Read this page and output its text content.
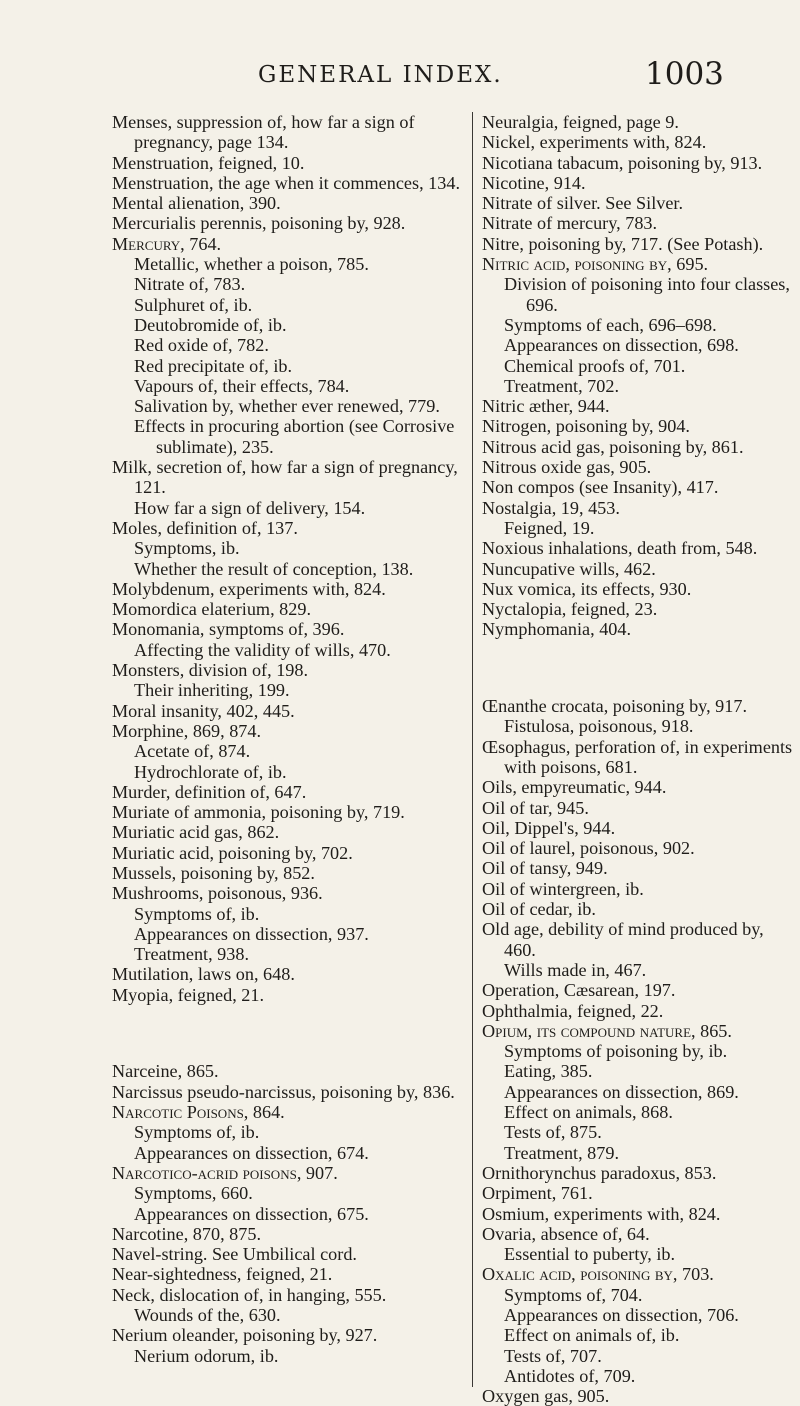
GENERAL INDEX.	1003

Menses, suppression of, how far a sign of pregnancy, page 134.

Menstruation, feigned, 10.

Menstruation, the age when it commences, 134.

Mental alienation, 390.

Mercurialis perennis, poisoning by, 928.

Mercury, 764.

Metallic, whether a poison, 785.

Nitrate of, 783.

Sulphuret of, ib.

Deutobromide of, ib.

Red oxide of, 782.

Red precipitate of, ib.

Vapours of, their effects, 784.

Salivation by, whether ever renewed, 779.

Effects in procuring abortion (see Corrosive sublimate), 235.

Milk, secretion of, how far a sign of pregnancy, 121.

How far a sign of delivery, 154.

Moles, definition of, 137.

Symptoms, ib.

Whether the result of conception, 138.

Molybdenum, experiments with, 824.

Momordica elaterium, 829.

Monomania, symptoms of, 396.

Affecting the validity of wills, 470.

Monsters, division of, 198.

Their inheriting, 199.

Moral insanity, 402, 445.

Morphine, 869, 874.

Acetate of, 874.

Hydrochlorate of, ib.

Murder, definition of, 647.

Muriate of ammonia, poisoning by, 719.

Muriatic acid gas, 862.

Muriatic acid, poisoning by, 702.

Mussels, poisoning by, 852.

Mushrooms, poisonous, 936.

Symptoms of, ib.

Appearances on dissection, 937.

Treatment, 938.

Mutilation, laws on, 648.

Myopia, feigned, 21.

Narceine, 865.

Narcissus pseudo-narcissus, poisoning by, 836.

Narcotic Poisons, 864.

Symptoms of, ib.

Appearances on dissection, 674.

Narcotico-acrid poisons, 907.

Symptoms, 660.

Appearances on dissection, 675.

Narcotine, 870, 875.

Navel-string. See Umbilical cord.

Near-sightedness, feigned, 21.

Neck, dislocation of, in hanging, 555.

Wounds of the, 630.

Nerium oleander, poisoning by, 927.

Nerium odorum, ib.

Neuralgia, feigned, page 9.

Nickel, experiments with, 824.

Nicotiana tabacum, poisoning by, 913.

Nicotine, 914.

Nitrate of silver. See Silver.

Nitrate of mercury, 783.

Nitre, poisoning by, 717. (See Potash).

Nitric acid, poisoning by, 695.

Division of poisoning into four classes, 696.

Symptoms of each, 696–698.

Appearances on dissection, 698.

Chemical proofs of, 701.

Treatment, 702.

Nitric æther, 944.

Nitrogen, poisoning by, 904.

Nitrous acid gas, poisoning by, 861.

Nitrous oxide gas, 905.

Non compos (see Insanity), 417.

Nostalgia, 19, 453.

Feigned, 19.

Noxious inhalations, death from, 548.

Nuncupative wills, 462.

Nux vomica, its effects, 930.

Nyctalopia, feigned, 23.

Nymphomania, 404.

Œnanthe crocata, poisoning by, 917.

Fistulosa, poisonous, 918.

Œsophagus, perforation of, in experiments with poisons, 681.

Oils, empyreumatic, 944.

Oil of tar, 945.

Oil, Dippel's, 944.

Oil of laurel, poisonous, 902.

Oil of tansy, 949.

Oil of wintergreen, ib.

Oil of cedar, ib.

Old age, debility of mind produced by, 460.

Wills made in, 467.

Operation, Cæsarean, 197.

Ophthalmia, feigned, 22.

Opium, its compound nature, 865.

Symptoms of poisoning by, ib.

Eating, 385.

Appearances on dissection, 869.

Effect on animals, 868.

Tests of, 875.

Treatment, 879.

Ornithorynchus paradoxus, 853.

Orpiment, 761.

Osmium, experiments with, 824.

Ovaria, absence of, 64.

Essential to puberty, ib.

Oxalic acid, poisoning by, 703.

Symptoms of, 704.

Appearances on dissection, 706.

Effect on animals of, ib.

Tests of, 707.

Antidotes of, 709.

Oxygen gas, 905.
